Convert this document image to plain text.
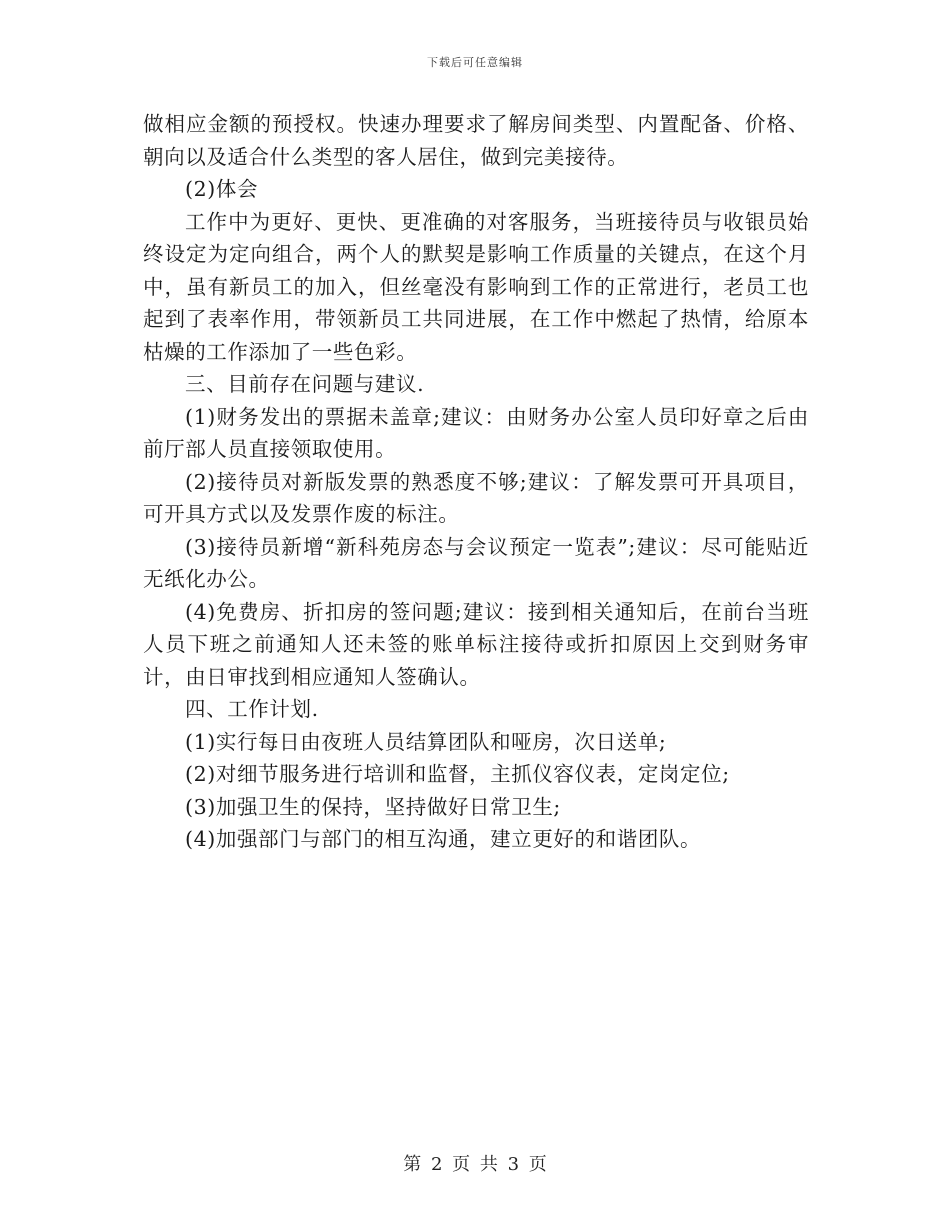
下载后可任意编辑

做相应金额的预授权。快速办理要求了解房间类型、内置配备、价格、朝向以及适合什么类型的客人居住，做到完美接待。

(2)体会

工作中为更好、更快、更准确的对客服务，当班接待员与收银员始终设定为定向组合，两个人的默契是影响工作质量的关键点，在这个月中，虽有新员工的加入，但丝毫没有影响到工作的正常进行，老员工也起到了表率作用，带领新员工共同进展，在工作中燃起了热情，给原本枯燥的工作添加了一些色彩。

三、目前存在问题与建议.

(1)财务发出的票据未盖章;建议：由财务办公室人员印好章之后由前厅部人员直接领取使用。

(2)接待员对新版发票的熟悉度不够;建议：了解发票可开具项目，可开具方式以及发票作废的标注。

(3)接待员新增“新科苑房态与会议预定一览表”;建议：尽可能贴近无纸化办公。

(4)免费房、折扣房的签问题;建议：接到相关通知后，在前台当班人员下班之前通知人还未签的账单标注接待或折扣原因上交到财务审计，由日审找到相应通知人签确认。

四、工作计划.

(1)实行每日由夜班人员结算团队和哑房，次日送单;

(2)对细节服务进行培训和监督，主抓仪容仪表，定岗定位;

(3)加强卫生的保持，坚持做好日常卫生;

(4)加强部门与部门的相互沟通，建立更好的和谐团队。

第 2 页 共 3 页
